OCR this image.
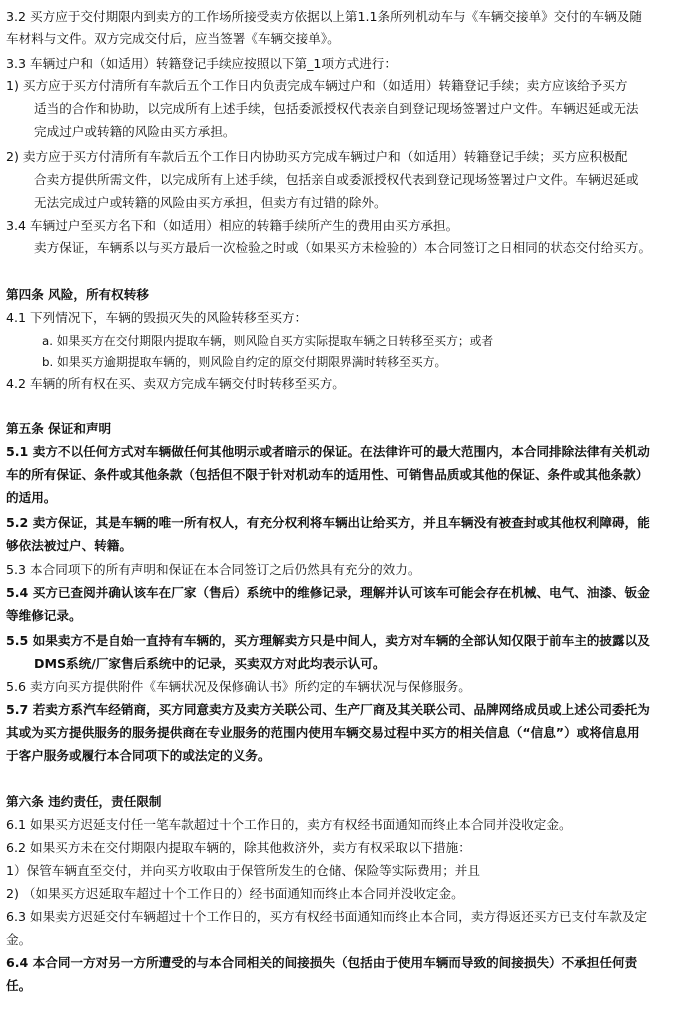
3.2 买方应于交付期限内到卖方的工作场所接受卖方依据以上第1.1条所列机动车与《车辆交接单》交付的车辆及随
车材料与文件。双方完成交付后，应当签署《车辆交接单》。
3.3 车辆过户和（如适用）转籍登记手续应按照以下第_1项方式进行：
1) 买方应于买方付清所有车款后五个工作日内负责完成车辆过户和（如适用）转籍登记手续；卖方应该给予买方
适当的合作和协助，以完成所有上述手续，包括委派授权代表亲自到登记现场签署过户文件。车辆迟延或无法
完成过户或转籍的风险由买方承担。
2) 卖方应于买方付清所有车款后五个工作日内协助买方完成车辆过户和（如适用）转籍登记手续；买方应积极配
合卖方提供所需文件，以完成所有上述手续，包括亲自或委派授权代表到登记现场签署过户文件。车辆迟延或
无法完成过户或转籍的风险由买方承担，但卖方有过错的除外。
3.4 车辆过户至买方名下和（如适用）相应的转籍手续所产生的费用由买方承担。
卖方保证，车辆系以与买方最后一次检验之时或（如果买方未检验的）本合同签订之日相同的状态交付给买方。
第四条 风险，所有权转移
4.1 下列情况下，车辆的毁损灭失的风险转移至买方：
a. 如果买方在交付期限内提取车辆，则风险自买方实际提取车辆之日转移至买方；或者
b. 如果买方逾期提取车辆的，则风险自约定的原交付期限界满时转移至买方。
4.2 车辆的所有权在买、卖双方完成车辆交付时转移至买方。
第五条 保证和声明
5.1 卖方不以任何方式对车辆做任何其他明示或者暗示的保证。在法律许可的最大范围内，本合同排除法律有关机动
车的所有保证、条件或其他条款（包括但不限于针对机动车的适用性、可销售品质或其他的保证、条件或其他条款）
的适用。
5.2 卖方保证，其是车辆的唯一所有权人，有充分权利将车辆出让给买方，并且车辆没有被查封或其他权利障碍，能
够依法被过户、转籍。
5.3 本合同项下的所有声明和保证在本合同签订之后仍然具有充分的效力。
5.4 买方已查阅并确认该车在厂家（售后）系统中的维修记录，理解并认可该车可能会存在机械、电气、油漆、钣金
等维修记录。
5.5 如果卖方不是自始一直持有车辆的，买方理解卖方只是中间人，卖方对车辆的全部认知仅限于前车主的披露以及
DMS系统/厂家售后系统中的记录，买卖双方对此均表示认可。
5.6 卖方向买方提供附件《车辆状况及保修确认书》所约定的车辆状况与保修服务。
5.7 若卖方系汽车经销商，买方同意卖方及卖方关联公司、生产厂商及其关联公司、品牌网络成员或上述公司委托为
其或为买方提供服务的服务提供商在专业服务的范围内使用车辆交易过程中买方的相关信息（“信息”）或将信息用
于客户服务或履行本合同项下的或法定的义务。
第六条 违约责任，责任限制
6.1 如果买方迟延支付任一笔车款超过十个工作日的，卖方有权经书面通知而终止本合同并没收定金。
6.2 如果买方未在交付期限内提取车辆的，除其他救济外，卖方有权采取以下措施：
1）保管车辆直至交付，并向买方收取由于保管所发生的仓储、保险等实际费用；并且
2) （如果买方迟延取车超过十个工作日的）经书面通知而终止本合同并没收定金。
6.3 如果卖方迟延交付车辆超过十个工作日的，买方有权经书面通知而终止本合同，卖方得返还买方已支付车款及定
金。
6.4 本合同一方对另一方所遭受的与本合同相关的间接损失（包括由于使用车辆而导致的间接损失）不承担任何责
任。
